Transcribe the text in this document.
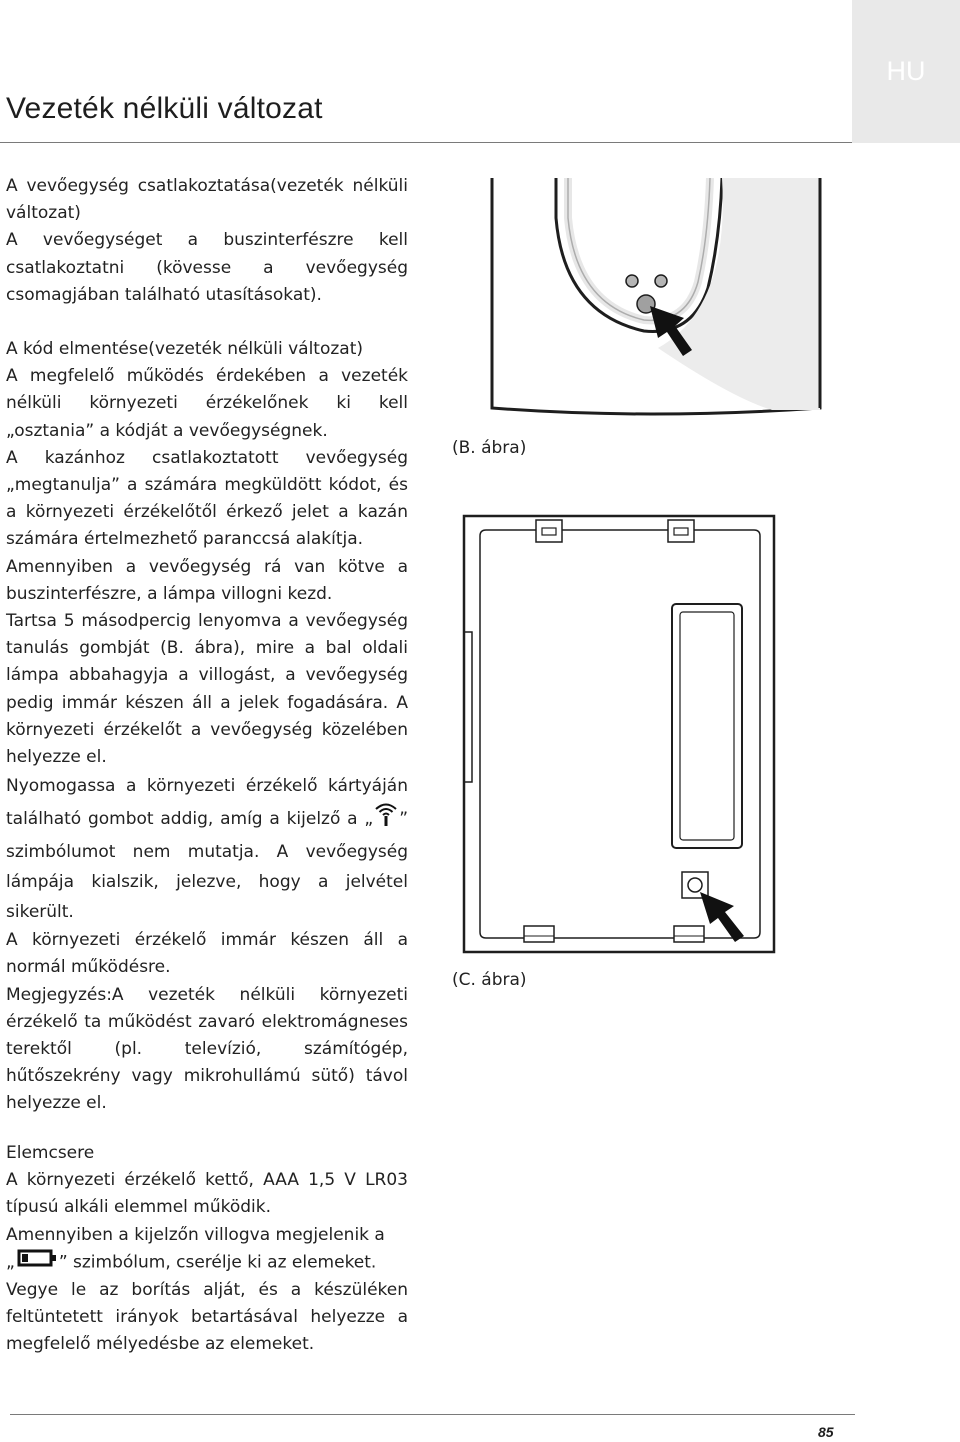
HU
Vezeték nélküli változat
A vevőegység csatlakoztatása(vezeték nélküli változat)

A vevőegységet a buszinterfészre kell csatlakoztatni (kövesse a vevőegység csomagjában található utasításokat).

A kód elmentése(vezeték nélküli változat)

A megfelelő működés érdekében a vezeték nélküli környezeti érzékelőnek ki kell „osztania” a kódját a vevőegységnek.

A kazánhoz csatlakoztatott vevőegység „megtanulja” a számára megküldött kódot, és a környezeti érzékelőtől érkező jelet a kazán számára értelmezhető paranccsá alakítja.

Amennyiben a vevőegység rá van kötve a buszinterfészre, a lámpa villogni kezd.

Tartsa 5 másodpercig lenyomva a vevőegység tanulás gombját (B. ábra), mire a bal oldali lámpa abbahagyja a villogást, a vevőegység pedig immár készen áll a jelek fogadására. A környezeti érzékelőt a vevőegység közelében helyezze el.

Nyomogassa a környezeti érzékelő kártyáján található gombot addig, amíg a kijelző a „ ” szimbólumot nem mutatja. A vevőegység lámpája kialszik, jelezve, hogy a jelvétel sikerült.

A környezeti érzékelő immár készen áll a normál működésre.

Megjegyzés:A vezeték nélküli környezeti érzékelő ta működést zavaró elektromágneses terektől (pl. televízió, számítógép, hűtőszekrény vagy mikrohullámú sütő) távol helyezze el.

Elemcsere

A környezeti érzékelő kettő, AAA 1,5 V LR03 típusú alkáli elemmel működik.

Amennyiben a kijelzőn villogva megjelenik a

„	” szimbólum, cserélje ki az elemeket.

Vegye le az borítás alját, és a készüléken feltüntetett irányok betartásával helyezze a megfelelő mélyedésbe az elemeket.

(B. ábra)
(C. ábra)
85
